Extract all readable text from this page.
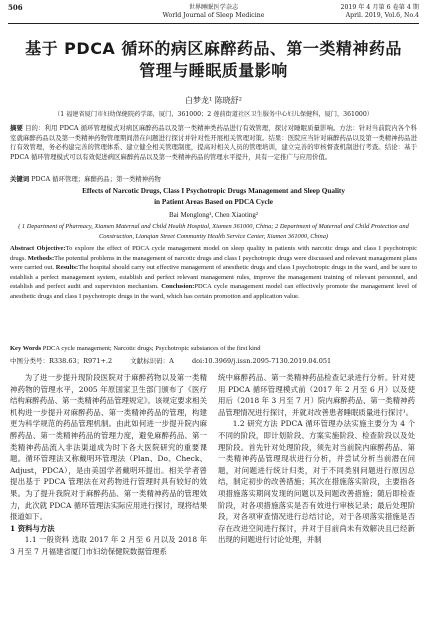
506	世界睡眠医学杂志
World Journal of Sleep Medicine
2019 年 4 月第 6 卷第 4 期
April. 2019, Vol.6, No.4
基于 PDCA 循环的病区麻醉药品、第一类精神药品
管理与睡眠质量影响
白梦龙¹ 陈晓舒²
（1 福建省厦门市妇幼保健院药学部，厦门，361000；2 莲前街道社区卫生服务中心妇儿保健科，厦门，361000）
摘要 目的：利用 PDCA 循环管理模式对病区麻醉药品以及第一类精神类药品进行有效管理，探讨对睡眠质量影响。方法：针对当前院内各个科室就麻醉药品以及第一类精神药物管理期间潜在问题进行探讨并针对性开展相关管理对策。结果：医院应当针对麻醉药品以及第一类精神药品进行有效管理，务必构建完善的管理体系、建立健全相关管理制度，提高对相关人员的管理培训，建立完善的审核督查机制进行考查。结论：基于 PDCA 循环管理模式可以有效促进病区麻醉药品以及第一类精神药品的管理水平提升，具有一定推广与应用价值。
关键词 PDCA 循环管理；麻醉药品；第一类精神药物
Effects of Narcotic Drugs, Class I Psychotropic Drugs Management and Sleep Quality
in Patient Areas Based on PDCA Cycle
Bai Menglong¹, Chen Xiaoting²
( 1 Department of Pharmacy, Xiamen Maternal and Child Health Hospital, Xiamen 361000, China; 2 Department of Maternal and Child Protection and Construction, Lianqian Street Community Health Service Center, Xiamen 361000, China)
Abstract Objective:To explore the effect of PDCA cycle management model on sleep quality in patients with narcotic drugs and class I psychotropic drugs. Methods:The potential problems in the management of narcotic drugs and class I psychotropic drugs were discussed and relevant management plans were carried out. Results:The hospital should carry out effective management of anesthetic drugs and class I psychotropic drugs in the ward, and be sure to establish a perfect management system, establish and perfect relevant management rules, improve the management training of relevant personnel, and establish and perfect audit and supervision mechanism. Conclusion:PDCA cycle management model can effectively promote the management level of anesthetic drugs and class I psychotropic drugs in the ward, which has certain promotion and application value.
Key Words PDCA cycle management; Narcotic drugs; Psychotropic substances of the first kind
中图分类号：R338.63；R971+.2	文献标识码：A	doi:10.3969/j.issn.2095-7130.2019.04.051

为了进一步提升现阶段医院对于麻醉药物以及第一类精神药物的管理水平，2005 年原国家卫生部门颁布了《医疗结构麻醉药品、第一类精神药品管理规定》。该规定要求相关机构进一步提升对麻醉药品、第一类精神药品的管理，构建更为科学规范的药品管理机制。由此如何进一步提升院内麻醉药品、第一类精神药品的管理力度，避免麻醉药品、第一类精神药品流入非法渠道成为时下各大医院研究的重要课题。循环管理法又称戴明环管理法（Plan、Do、Check、Adjust，PDCA），是由美国学者戴明环提出。相关学者曾提出基于 PDCA 管理法在对药物进行管理时具有较好的效果。为了提升我院对于麻醉药品、第一类精神药品的管理效力，此次就 PDCA 循环管理法实际应用进行探讨，现将结果报道如下。

1 资料与方法

1.1 一般资料 选取 2017 年 2 月至 6 月以及 2018 年 3 月至 7 月福建省厦门市妇幼保健院数据管理系

统中麻醉药品、第一类精神药品检查记录进行分析。针对使用 PDCA 循环管理模式前（2017 年 2 月至 6 月）以及使用后（2018 年 3 月至 7 月）院内麻醉药品、第一类精神药品管理情况进行探讨，并就对改善患者睡眠质量进行探讨¹。

1.2 研究方法 PDCA 循环管理办法实施主要分为 4 个不同的阶段，即计划阶段、方案实施阶段、检查阶段以及处理阶段。首先针对处理阶段，须先对当前院内麻醉药品、第一类精神药品管理现状进行分析，并尝试分析当前潜在问题，对问题进行统计归类，对于不同类别问题进行原因总结，制定初步的改善措施；其次在措施落实阶段，主要指各项措施落实期间发现的问题以及问题改善措施；随后即检查阶段，对各项措施落实是否有效进行审核记录；最后处理阶段，对各项审查情况进行总结讨论，对于各项落实措施是否存在改进空间进行探讨，并对于目前尚未有效解决且已经新出现的问题进行讨论处理，并制
